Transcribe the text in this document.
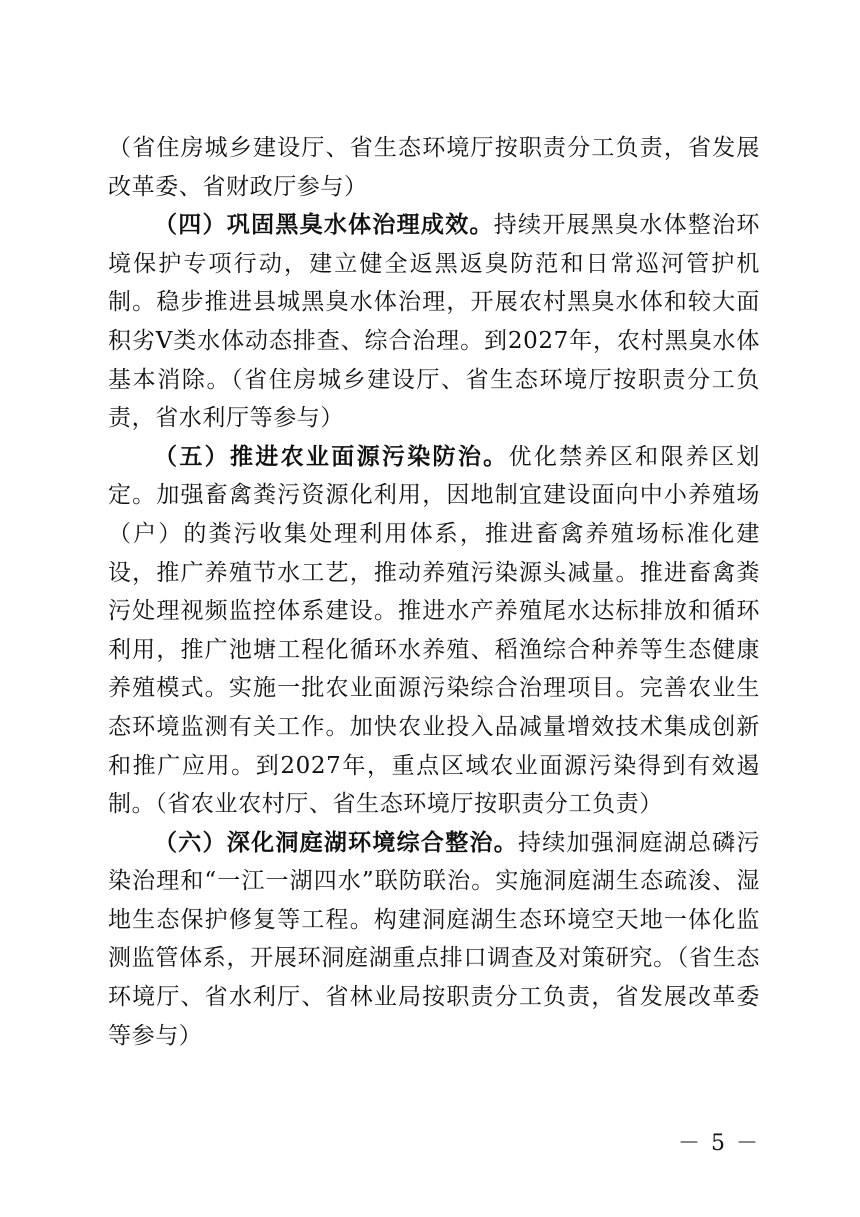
（省住房城乡建设厅、省生态环境厅按职责分工负责，省发展改革委、省财政厅参与）

（四）巩固黑臭水体治理成效。持续开展黑臭水体整治环境保护专项行动，建立健全返黑返臭防范和日常巡河管护机制。稳步推进县城黑臭水体治理，开展农村黑臭水体和较大面积劣Ⅴ类水体动态排查、综合治理。到2027年，农村黑臭水体基本消除。（省住房城乡建设厅、省生态环境厅按职责分工负责，省水利厅等参与）

（五）推进农业面源污染防治。优化禁养区和限养区划定。加强畜禽粪污资源化利用，因地制宜建设面向中小养殖场（户）的粪污收集处理利用体系，推进畜禽养殖场标准化建设，推广养殖节水工艺，推动养殖污染源头减量。推进畜禽粪污处理视频监控体系建设。推进水产养殖尾水达标排放和循环利用，推广池塘工程化循环水养殖、稻渔综合种养等生态健康养殖模式。实施一批农业面源污染综合治理项目。完善农业生态环境监测有关工作。加快农业投入品减量增效技术集成创新和推广应用。到2027年，重点区域农业面源污染得到有效遏制。（省农业农村厅、省生态环境厅按职责分工负责）

（六）深化洞庭湖环境综合整治。持续加强洞庭湖总磷污染治理和“一江一湖四水”联防联治。实施洞庭湖生态疏浚、湿地生态保护修复等工程。构建洞庭湖生态环境空天地一体化监测监管体系，开展环洞庭湖重点排口调查及对策研究。（省生态环境厅、省水利厅、省林业局按职责分工负责，省发展改革委等参与）

－ 5 －
